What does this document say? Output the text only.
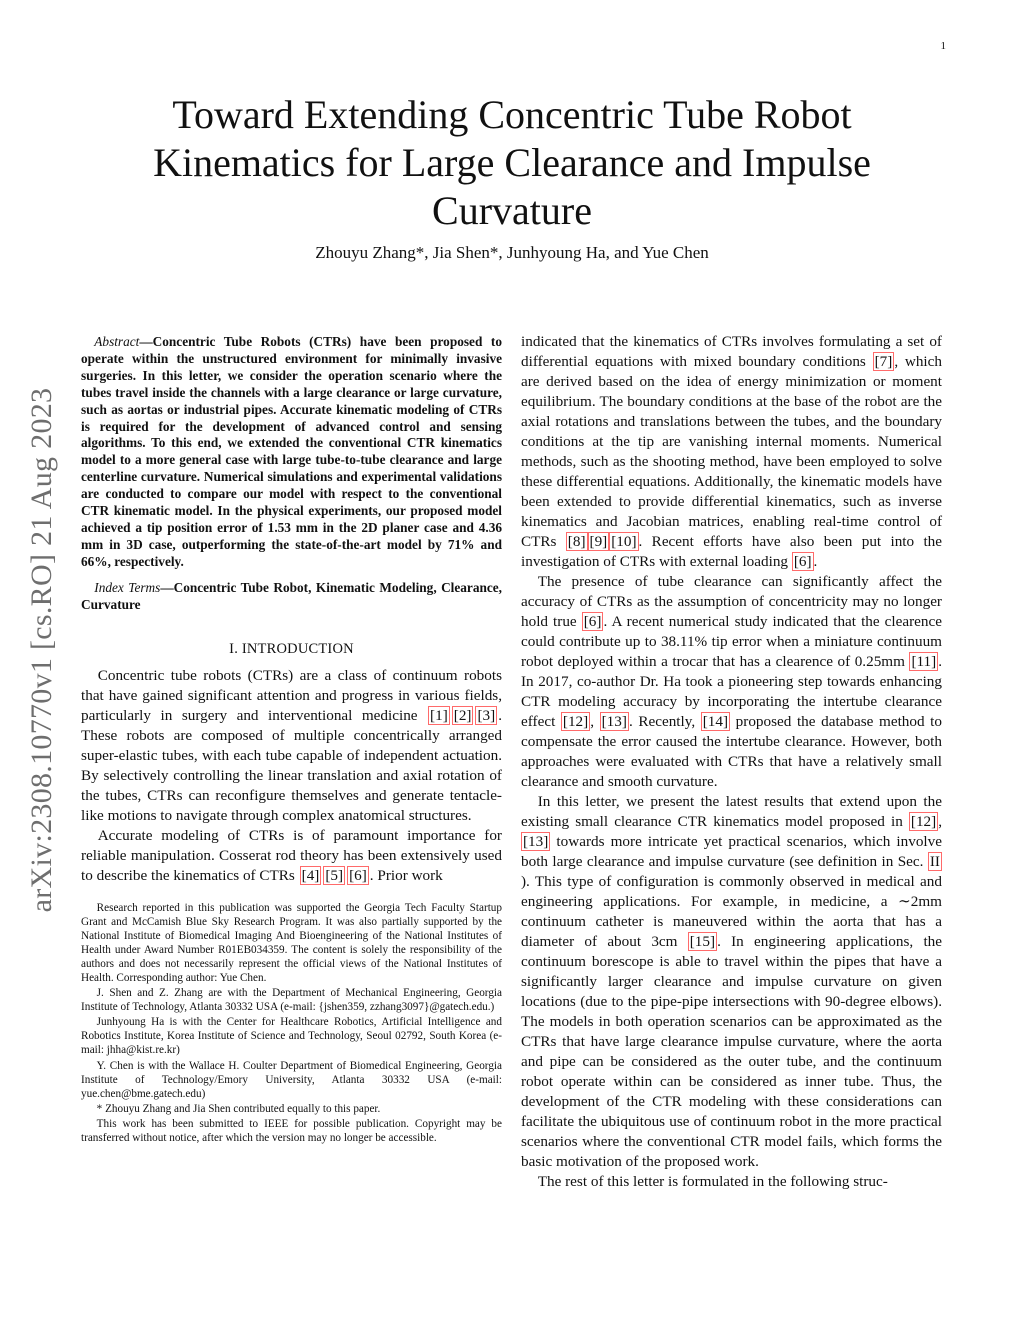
1
arXiv:2308.10770v1 [cs.RO] 21 Aug 2023
Toward Extending Concentric Tube Robot
Kinematics for Large Clearance and Impulse
Curvature
Zhouyu Zhang*, Jia Shen*, Junhyoung Ha, and Yue Chen

Abstract—Concentric Tube Robots (CTRs) have been proposed to operate within the unstructured environment for minimally invasive surgeries. In this letter, we consider the operation scenario where the tubes travel inside the channels with a large clearance or large curvature, such as aortas or industrial pipes. Accurate kinematic modeling of CTRs is required for the development of advanced control and sensing algorithms. To this end, we extended the conventional CTR kinematics model to a more general case with large tube-to-tube clearance and large centerline curvature. Numerical simulations and experimental validations are conducted to compare our model with respect to the conventional CTR kinematic model. In the physical experiments, our proposed model achieved a tip position error of 1.53 mm in the 2D planer case and 4.36 mm in 3D case, outperforming the state-of-the-art model by 71% and 66%, respectively.

Index Terms—Concentric Tube Robot, Kinematic Modeling, Clearance, Curvature

I. INTRODUCTION

Concentric tube robots (CTRs) are a class of continuum robots that have gained significant attention and progress in various fields, particularly in surgery and interventional medicine [1] [2] [3] . These robots are composed of multiple concentrically arranged super-elastic tubes, with each tube capable of independent actuation. By selectively controlling the linear translation and axial rotation of the tubes, CTRs can reconfigure themselves and generate tentacle-like motions to navigate through complex anatomical structures.

Accurate modeling of CTRs is of paramount importance for reliable manipulation. Cosserat rod theory has been extensively used to describe the kinematics of CTRs [4] [5] [6] . Prior work

Research reported in this publication was supported the Georgia Tech Faculty Startup Grant and McCamish Blue Sky Research Program. It was also partially supported by the National Institute of Biomedical Imaging And Bioengineering of the National Institutes of Health under Award Number R01EB034359. The content is solely the responsibility of the authors and does not necessarily represent the official views of the National Institutes of Health. Corresponding author: Yue Chen.

J. Shen and Z. Zhang are with the Department of Mechanical Engineering, Georgia Institute of Technology, Atlanta 30332 USA (e-mail: {jshen359, zzhang3097}@gatech.edu.)

Junhyoung Ha is with the Center for Healthcare Robotics, Artificial Intelligence and Robotics Institute, Korea Institute of Science and Technology, Seoul 02792, South Korea (e-mail: jhha@kist.re.kr)

Y. Chen is with the Wallace H. Coulter Department of Biomedical Engineering, Georgia Institute of Technology/Emory University, Atlanta 30332 USA (e-mail: yue.chen@bme.gatech.edu)

* Zhouyu Zhang and Jia Shen contributed equally to this paper.

This work has been submitted to IEEE for possible publication. Copyright may be transferred without notice, after which the version may no longer be accessible.

indicated that the kinematics of CTRs involves formulating a set of differential equations with mixed boundary conditions [7] , which are derived based on the idea of energy minimization or moment equilibrium. The boundary conditions at the base of the robot are the axial rotations and translations between the tubes, and the boundary conditions at the tip are vanishing internal moments. Numerical methods, such as the shooting method, have been employed to solve these differential equations. Additionally, the kinematic models have been extended to provide differential kinematics, such as inverse kinematics and Jacobian matrices, enabling real-time control of CTRs [8] [9] [10] . Recent efforts have also been put into the investigation of CTRs with external loading [6] .

The presence of tube clearance can significantly affect the accuracy of CTRs as the assumption of concentricity may no longer hold true [6] . A recent numerical study indicated that the clearence could contribute up to 38.11% tip error when a miniature continuum robot deployed within a trocar that has a clearence of 0.25mm [11] . In 2017, co-author Dr. Ha took a pioneering step towards enhancing CTR modeling accuracy by incorporating the intertube clearance effect [12] , [13] . Recently, [14] proposed the database method to compensate the error caused the intertube clearance. However, both approaches were evaluated with CTRs that have a relatively small clearance and smooth curvature.

In this letter, we present the latest results that extend upon the existing small clearance CTR kinematics model proposed in [12] , [13] towards more intricate yet practical scenarios, which involve both large clearance and impulse curvature (see definition in Sec. II ). This type of configuration is commonly observed in medical and engineering applications. For example, in medicine, a ∼2mm continuum catheter is maneuvered within the aorta that has a diameter of about 3cm [15] . In engineering applications, the continuum borescope is able to travel within the pipes that have a significantly larger clearance and impulse curvature on given locations (due to the pipe-pipe intersections with 90-degree elbows). The models in both operation scenarios can be approximated as the CTRs that have large clearance impulse curvature, where the aorta and pipe can be considered as the outer tube, and the continuum robot operate within can be considered as inner tube. Thus, the development of the CTR modeling with these considerations can facilitate the ubiquitous use of continuum robot in the more practical scenarios where the conventional CTR model fails, which forms the basic motivation of the proposed work.

The rest of this letter is formulated in the following struc-
